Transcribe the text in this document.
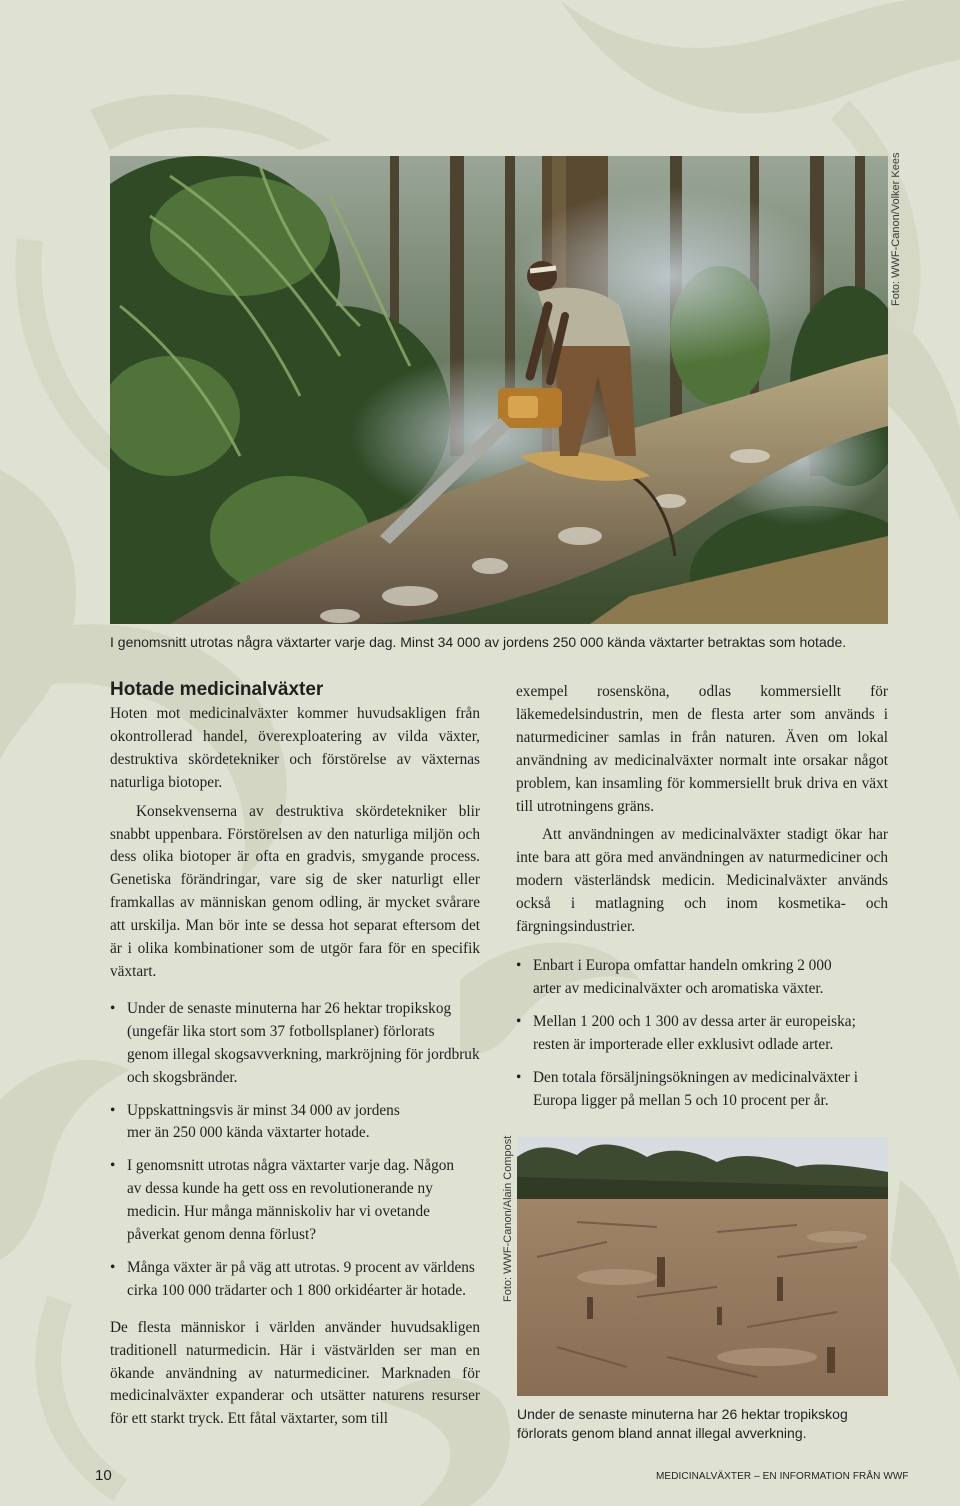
Foto: WWF-Canon/Volker Kees

I genomsnitt utrotas några växtarter varje dag. Minst 34 000 av jordens 250 000 kända växtarter betraktas som hotade.

Hotade medicinalväxter

Hoten mot medicinalväxter kommer huvudsakligen från okontrollerad handel, överexploatering av vilda växter, destruktiva skördetekniker och förstörelse av växternas naturliga biotoper.

Konsekvenserna av destruktiva skördetekniker blir snabbt uppenbara. Förstörelsen av den naturliga miljön och dess olika biotoper är ofta en gradvis, smygande process. Genetiska förändringar, vare sig de sker naturligt eller framkallas av människan genom odling, är mycket svårare att urskilja. Man bör inte se dessa hot separat eftersom det är i olika kombinationer som de utgör fara för en specifik växtart.

• Under de senaste minuterna har 26 hektar tropikskog (ungefär lika stort som 37 fotbollsplaner) förlorats genom illegal skogsavverkning, markröjning för jordbruk och skogsbränder.
• Uppskattningsvis är minst 34 000 av jordens mer än 250 000 kända växtarter hotade.
• I genomsnitt utrotas några växtarter varje dag. Någon av dessa kunde ha gett oss en revolutionerande ny medicin. Hur många människoliv har vi ovetande påverkat genom denna förlust?
• Många växter är på väg att utrotas. 9 procent av världens cirka 100 000 trädarter och 1 800 orkidéarter är hotade.

De flesta människor i världen använder huvudsakligen traditionell naturmedicin. Här i västvärlden ser man en ökande användning av naturmediciner. Marknaden för medicinalväxter expanderar och utsätter naturens resurser för ett starkt tryck. Ett fåtal växtarter, som till

exempel rosensköna, odlas kommersiellt för läkemedelsindustrin, men de flesta arter som används i naturmediciner samlas in från naturen. Även om lokal användning av medicinalväxter normalt inte orsakar något problem, kan insamling för kommersiellt bruk driva en växt till utrotningens gräns.

Att användningen av medicinalväxter stadigt ökar har inte bara att göra med användningen av naturmediciner och modern västerländsk medicin. Medicinalväxter används också i matlagning och inom kosmetika- och färgningsindustrier.

• Enbart i Europa omfattar handeln omkring 2 000 arter av medicinalväxter och aromatiska växter.
• Mellan 1 200 och 1 300 av dessa arter är europeiska; resten är importerade eller exklusivt odlade arter.
• Den totala försäljningsökningen av medicinalväxter i Europa ligger på mellan 5 och 10 procent per år.
Foto: WWF-Canon/Alain Compost

Under de senaste minuterna har 26 hektar tropikskog
förlorats genom bland annat illegal avverkning.

10	MEDICINALVÄXTER – EN INFORMATION FRÅN WWF
